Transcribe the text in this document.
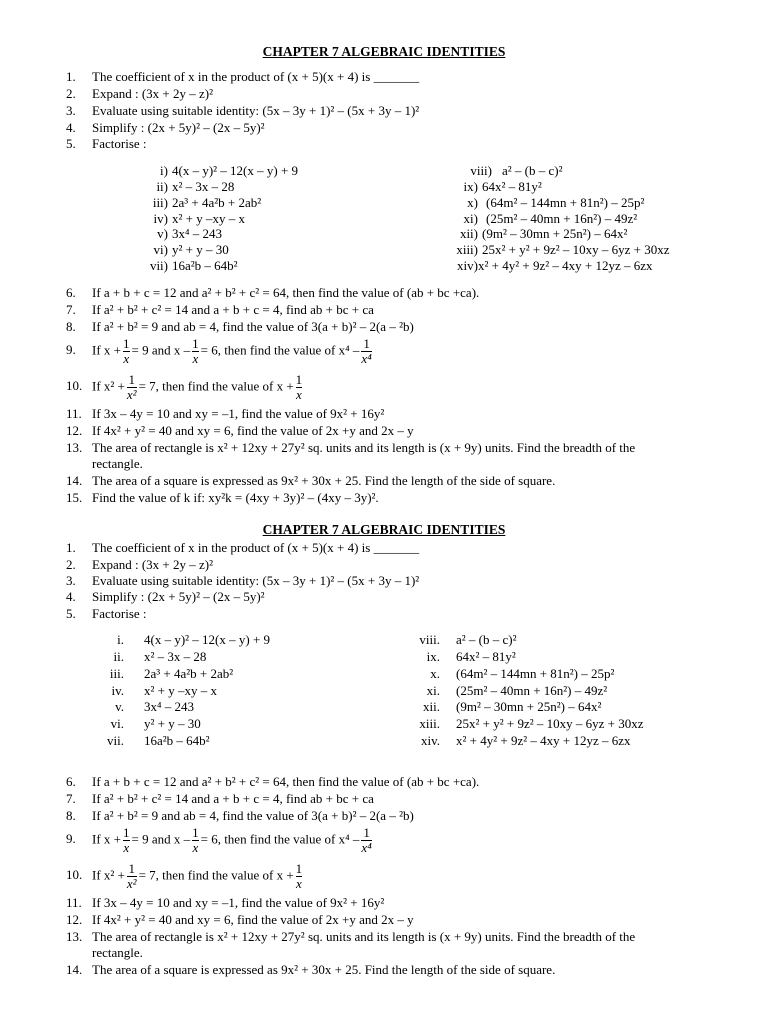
CHAPTER 7 ALGEBRAIC IDENTITIES
1. The coefficient of x in the product of (x + 5)(x + 4) is _______
2. Expand : (3x + 2y – z)²
3. Evaluate using suitable identity: (5x – 3y + 1)² – (5x + 3y – 1)²
4. Simplify : (2x + 5y)² – (2x – 5y)²
5. Factorise :
i) 4(x – y)² – 12(x – y) + 9
ii) x² – 3x – 28
iii) 2a³ + 4a²b + 2ab²
iv) x² + y –xy – x
v) 3x⁴ – 243
vi) y² + y – 30
vii) 16a²b – 64b²
viii) a² – (b – c)²
ix) 64x² – 81y²
x) (64m² – 144mn + 81n²) – 25p²
xi) (25m² – 40mn + 16n²) – 49z²
xii) (9m² – 30mn + 25n²) – 64x²
xiii) 25x² + y² + 9z² – 10xy – 6yz + 30xz
xiv)x² + 4y² + 9z² – 4xy + 12yz – 6zx
6. If a + b + c = 12 and a² + b² + c² = 64, then find the value of (ab + bc +ca).
7. If a² + b² + c² = 14 and a + b + c = 4, find ab + bc + ca
8. If a² + b² = 9 and ab = 4, find the value of 3(a + b)² – 2(a – ²b)
9. If $x + \frac{1}{x} = 9$ and $x - \frac{1}{x} = 6$, then find the value of $x^4 - \frac{1}{\text{x⁴}}$
10. If $x^2 + \frac{1}{\text{x²}} = 7$, then find the value of $x + \frac{1}{x}$
11. If 3x – 4y = 10 and xy = –1, find the value of 9x² + 16y²
12. If 4x² + y² = 40 and xy = 6, find the value of 2x +y and 2x – y
13. The area of rectangle is x² + 12xy + 27y² sq. units and its length is (x + 9y) units. Find the breadth of the
rectangle.
14. The area of a square is expressed as 9x² + 30x + 25. Find the length of the side of square.
15. Find the value of k if: xy²k = (4xy + 3y)² – (4xy – 3y)².
CHAPTER 7 ALGEBRAIC IDENTITIES
1. The coefficient of x in the product of (x + 5)(x + 4) is _______
2. Expand : (3x + 2y – z)²
3. Evaluate using suitable identity: (5x – 3y + 1)² – (5x + 3y – 1)²
4. Simplify : (2x + 5y)² – (2x – 5y)²
5. Factorise :
i. 4(x – y)² – 12(x – y) + 9
ii. x² – 3x – 28
iii. 2a³ + 4a²b + 2ab²
iv. x² + y –xy – x
v. 3x⁴ – 243
vi. y² + y – 30
vii. 16a²b – 64b²
viii. a² – (b – c)²
ix. 64x² – 81y²
x. (64m² – 144mn + 81n²) – 25p²
xi. (25m² – 40mn + 16n²) – 49z²
xii. (9m² – 30mn + 25n²) – 64x²
xiii. 25x² + y² + 9z² – 10xy – 6yz + 30xz
xiv. x² + 4y² + 9z² – 4xy + 12yz – 6zx
6. If a + b + c = 12 and a² + b² + c² = 64, then find the value of (ab + bc +ca).
7. If a² + b² + c² = 14 and a + b + c = 4, find ab + bc + ca
8. If a² + b² = 9 and ab = 4, find the value of 3(a + b)² – 2(a – ²b)
9. If $x + \frac{1}{x} = 9$ and $x - \frac{1}{x} = 6$, then find the value of $x^4 - \frac{1}{\text{x⁴}}$
10. If $x^2 + \frac{1}{\text{x²}} = 7$, then find the value of $x + \frac{1}{x}$
11. If 3x – 4y = 10 and xy = –1, find the value of 9x² + 16y²
12. If 4x² + y² = 40 and xy = 6, find the value of 2x +y and 2x – y
13. The area of rectangle is x² + 12xy + 27y² sq. units and its length is (x + 9y) units. Find the breadth of the
rectangle.
14. The area of a square is expressed as 9x² + 30x + 25. Find the length of the side of square.
